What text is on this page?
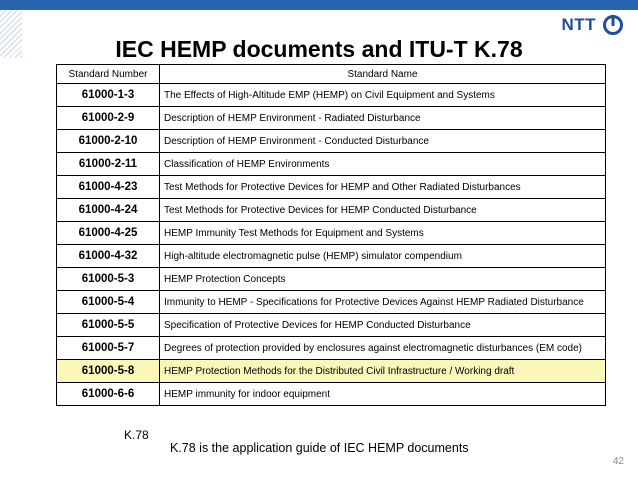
NTT
IEC HEMP documents and ITU-T K.78
Standard Number	Standard Name
61000-1-3	The Effects of High-Altitude EMP (HEMP) on Civil Equipment and Systems
61000-2-9	Description of HEMP Environment - Radiated Disturbance
61000-2-10	Description of HEMP Environment - Conducted Disturbance
61000-2-11	Classification of HEMP Environments
61000-4-23	Test Methods for Protective Devices for HEMP and Other Radiated Disturbances
61000-4-24	Test Methods for Protective Devices for HEMP Conducted Disturbance
61000-4-25	HEMP Immunity Test Methods for Equipment and Systems
61000-4-32	High-altitude electromagnetic pulse (HEMP) simulator compendium
61000-5-3	HEMP Protection Concepts
61000-5-4	Immunity to HEMP - Specifications for Protective Devices Against HEMP Radiated Disturbance
61000-5-5	Specification of Protective Devices for HEMP Conducted Disturbance
61000-5-7	Degrees of protection provided by enclosures against electromagnetic disturbances (EM code)
61000-5-8	HEMP Protection Methods for the Distributed Civil Infrastructure / Working draft
61000-6-6	HEMP immunity for indoor equipment
K.78
K.78 is the application guide of IEC HEMP documents
42
